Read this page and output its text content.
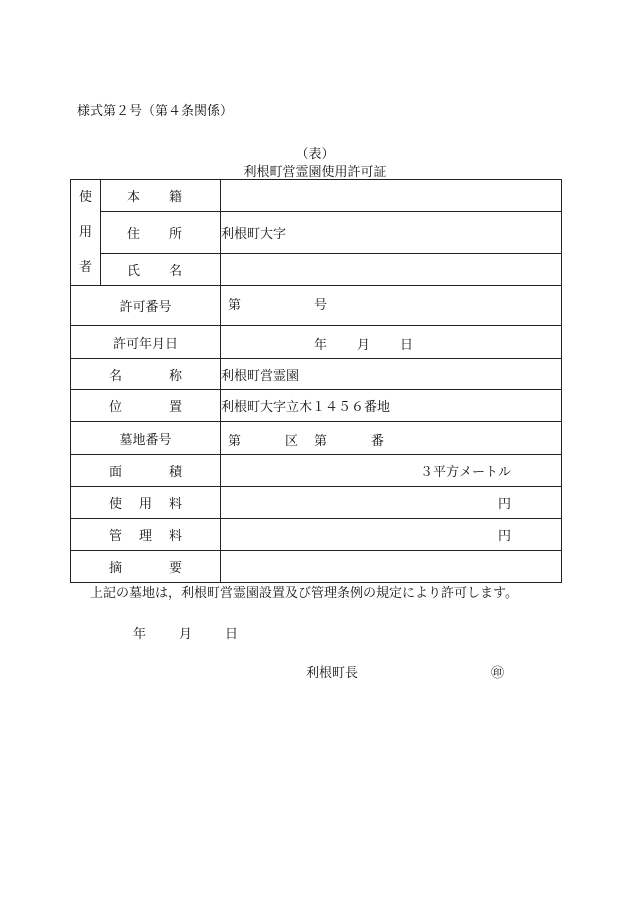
様式第２号（第４条関係）
（表）
利根町営霊園使用許可証
使
用
者	本 籍	

	住 所	利根町大字

	氏 名	

許可番号		第 号

許可年月日		年 月 日

名 称		利根町営霊園

位 置		利根町大字立木１４５６番地
墓地番号		第 区 第 番

面 積		３平方メートル

使 用 料		円

管 理 料		円

摘 要		

上記の墓地は，利根町営霊園設置及び管理条例の規定により許可します。
年	月	日
利根町長	㊞
